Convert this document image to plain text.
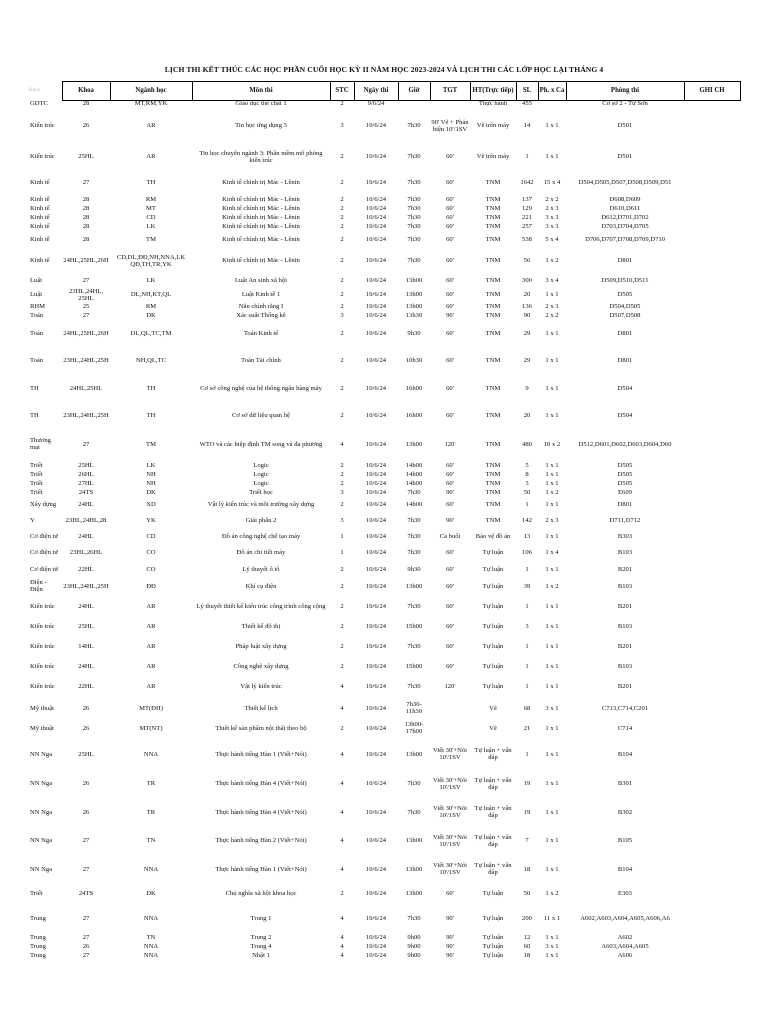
LỊCH THI KẾT THÚC CÁC HỌC PHẦN CUỐI HỌC KỲ II NĂM HỌC 2023-2024 VÀ LỊCH THI CÁC LỚP HỌC LẠI THÁNG 4
Khoa	Khoa	Ngành học	Môn thi	STC	Ngày thi	Giờ	TGT	HT(Trực tiếp)	SL	Ph. x Ca	Phòng thi	GHI CH
GDTC	28	MT,RM,YK	Giáo dục thể chất 1	2	9/6/24			Thực hành	455		Cơ sở 2 - Từ Sơn	
Kiến trúc	26	AR	Tin học ứng dụng 3	3	10/6/24	7h30	90' Vẽ + Phản biện 10'/1SV	Vẽ trên máy	14	1 x 1	D501	
Kiến trúc	25HL	AR	Tin học chuyên ngành 3: Phần mềm mô phỏng kiến trúc	2	10/6/24	7h30	60'	Vẽ trên máy	1	1 x 1	D501	
Kinh tế	27	TH	Kinh tế chính trị Mác - Lênin	2	10/6/24	7h30	60'	TNM	1642	15 x 4	D504,D505,D507,D508,D509,D51	
Kinh tế	28	RM	Kinh tế chính trị Mác - Lênin	2	10/6/24	7h30	60'	TNM	137	2 x 2	D608,D609	
Kinh tế	28	MT	Kinh tế chính trị Mác - Lênin	2	10/6/24	7h30	60'	TNM	129	2 x 3	D610,D611	
Kinh tế	28	CD	Kinh tế chính trị Mác - Lênin	2	10/6/24	7h30	60'	TNM	221	3 x 3	D612,D701,D702	
Kinh tế	28	LK	Kinh tế chính trị Mác - Lênin	2	10/6/24	7h30	60'	TNM	257	3 x 3	D703,D704,D705	
Kinh tế	28	TM	Kinh tế chính trị Mác - Lênin	2	10/6/24	7h30	60'	TNM	538	5 x 4	D706,D707,D708,D709,D710	
Kinh tế	24HL,25HL,26H	CD,DL,ĐĐ,NH,NNA,LK QĐ,TH,TR,YK	Kinh tế chính trị Mác - Lênin	2	10/6/24	7h30	60'	TNM	56	1 x 2	D801	
Luật	27	LK	Luật An sinh xã hội	2	10/6/24	13h00	60'	TNM	300	3 x 4	D509,D510,D511	
Luật	23HL,24HL, 25HL	DL,NH,KT,QL	Luật Kinh tế 1	2	10/6/24	13h00	60'	TNM	20	1 x 1	D505	
RHM	25	RM	Nắn chỉnh răng I	2	10/6/24	13h00	60'	TNM	136	2 x 3	D504,D505	
Toán	27	DK	Xác suất Thống kê	3	10/6/24	13h30	90'	TNM	90	2 x 2	D507,D508	
Toán	24HL,25HL,26H	DL,QL,TC,TM	Toán Kinh tế	2	10/6/24	9h30	60'	TNM	29	1 x 1	D801	
Toán	23HL,24HL,25H	NH,QL,TC	Toán Tài chính	2	10/6/24	10h30	60'	TNM	29	1 x 1	D801	
TH	24HL,25HL	TH	Cơ sở công nghệ của hệ thống ngân hàng máy	2	10/6/24	16h00	60'	TNM	9	1 x 1	D504	
TH	23HL,24HL,25H	TH	Cơ sở dữ liệu quan hệ	2	10/6/24	16h00	60'	TNM	20	1 x 1	D504	
Thương mại	27	TM	WTO và các hiệp định TM song và đa phương	4	10/6/24	13h00	120'	TNM	480	10 x 2	D512,D601,D602,D603,D604,D60	
Triết	25HL	LK	Logic	2	10/6/24	14h00	60'	TNM	5	1 x 1	D505	
Triết	26HL	NH	Logic	2	10/6/24	14h00	60'	TNM	8	1 x 1	D505	
Triết	27HL	NH	Logic	2	10/6/24	14h00	60'	TNM	3	1 x 1	D505	
Triết	24TS	DK	Triết học	3	10/6/24	7h30	90'	TNM	50	1 x 2	E609	
Xây dựng	24HL	XD	Vật lý kiến trúc và môi trường xây dựng	2	10/6/24	14h00	60'	TNM	1	1 x 1	D801	
Y	23HL,24HL,28	YK	Giải phẫu 2	3	10/6/24	7h30	90'	TNM	142	2 x 3	D711,D712	
Cơ điện tử	24HL	CD	Đồ án công nghệ chế tạo máy	1	10/6/24	7h30	Cả buổi	Bảo vệ đồ án	13	1 x 1	B303	
Cơ điện tử	23HL,26HL	CO	Đồ án chi tiết máy	1	10/6/24	7h30	60'	Tự luận	106	1 x 4	B103	
Cơ điện tử	22HL	CO	Lý thuyết ô tô	2	10/6/24	9h30	60'	Tự luận	1	1 x 1	B201	
Điện - Điện	23HL,24HL,25H	ĐĐ	Khí cụ điện	2	10/6/24	13h00	60'	Tự luận	39	1 x 2	B103	
Kiến trúc	24HL	AR	Lý thuyết thiết kế kiến trúc công trình công cộng	2	10/6/24	7h30	60'	Tự luận	1	1 x 1	B201	
Kiến trúc	25HL	AR	Thiết kế đô thị	2	10/6/24	15h00	60'	Tự luận	3	1 x 1	B103	
Kiến trúc	14HL	AR	Pháp luật xây dựng	2	10/6/24	7h30	60'	Tự luận	1	1 x 1	B201	
Kiến trúc	24HL	AR	Công nghệ xây dựng	2	10/6/24	15h00	60'	Tự luận	1	1 x 1	B103	
Kiến trúc	22HL	AR	Vật lý kiến trúc	4	10/6/24	7h30	120'	Tự luận	1	1 x 1	B201	
Mỹ thuật	26	MT(ĐH)	Thiết kế lịch	4	10/6/24	7h30-11h30		Vẽ	68	3 x 1	C713,C714,C201	
Mỹ thuật	26	MT(NT)	Thiết kế sản phẩm nội thất theo bộ	2	10/6/24	13h00-17h00		Vẽ	21	1 x 1	C714	
NN Nga	25HL	NNA	Thực hành tiếng Hàn 1 (Viết+Nói)	4	10/6/24	13h00	Viết 30'+Nói 10'/1SV	Tự luận + vấn đáp	1	1 x 1	B104	
NN Nga	26	TR	Thực hành tiếng Hàn 4 (Viết+Nói)	4	10/6/24	7h30	Viết 30'+Nói 10'/1SV	Tự luận + vấn đáp	19	1 x 1	B301	
NN Nga	26	TR	Thực hành tiếng Hàn 4 (Viết+Nói)	4	10/6/24	7h30	Viết 30'+Nói 10'/1SV	Tự luận + vấn đáp	19	1 x 1	B302	
NN Nga	27	TN	Thực hành tiếng Hàn 2 (Viết+Nói)	4	10/6/24	13h00	Viết 30'+Nói 10'/1SV	Tự luận + vấn đáp	7	1 x 1	B105	
NN Nga	27	NNA	Thực hành tiếng Hàn 1 (Viết+Nói)	4	10/6/24	13h00	Viết 30'+Nói 10'/1SV	Tự luận + vấn đáp	18	1 x 1	B104	
Triết	24TS	DK	Chủ nghĩa xã hội khoa học	2	10/6/24	13h00	60'	Tự luận	50	1 x 2	E303	
Trung	27	NNA	Trung 1	4	10/6/24	7h30	90'	Tự luận	200	11 x 1	A602,A603,A604,A605,A606,A6	
Trung	27	TN	Trung 2	4	10/6/24	9h00	90'	Tự luận	12	1 x 1	A602	
Trung	26	NNA	Trung 4	4	10/6/24	9h00	90'	Tự luận	60	3 x 1	A603,A604,A605	
Trung	27	NNA	Nhật 1	4	10/6/24	9h00	90'	Tự luận	18	1 x 1	A606	
